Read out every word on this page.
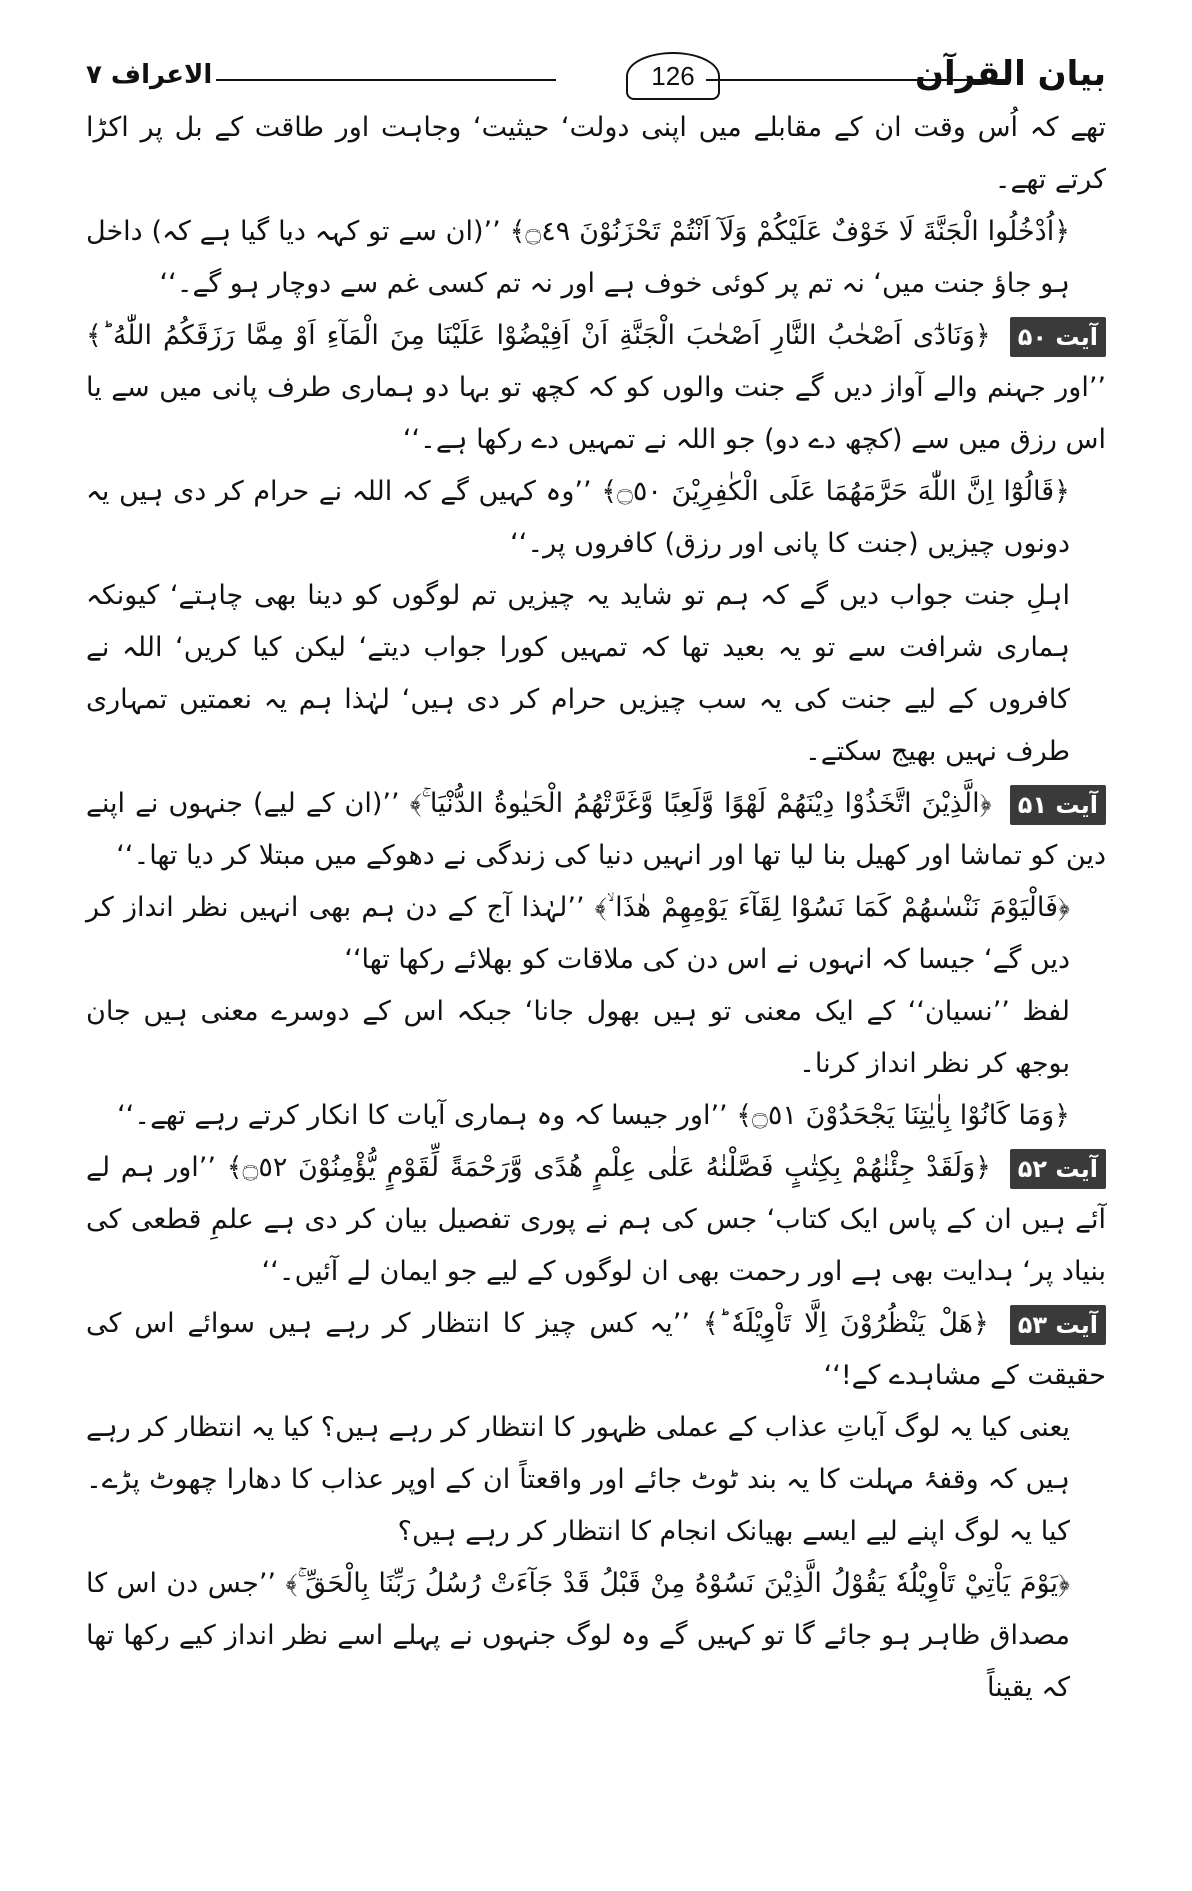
الاعراف ۷	126	بیان القرآن

تھے کہ اُس وقت ان کے مقابلے میں اپنی دولت‘ حیثیت‘ وجاہت اور طاقت کے بل پر اکڑا کرتے تھے۔

﴿اُدْخُلُوا الْجَنَّةَ لَا خَوْفٌ عَلَيْكُمْ وَلَآ اَنْتُمْ تَحْزَنُوْنَ ۝٤٩﴾ ’’(ان سے تو کہہ دیا گیا ہے کہ) داخل ہو جاؤ جنت میں‘ نہ تم پر کوئی خوف ہے اور نہ تم کسی غم سے دوچار ہو گے۔‘‘

آیت ۵۰ ﴿وَنَادٰٓى اَصْحٰبُ النَّارِ اَصْحٰبَ الْجَنَّةِ اَنْ اَفِيْضُوْا عَلَيْنَا مِنَ الْمَآءِ اَوْ مِمَّا رَزَقَكُمُ اللّٰهُ ؕ﴾ ’’اور جہنم والے آواز دیں گے جنت والوں کو کہ کچھ تو بہا دو ہماری طرف پانی میں سے یا اس رزق میں سے (کچھ دے دو) جو اللہ نے تمہیں دے رکھا ہے۔‘‘

﴿قَالُوْٓا اِنَّ اللّٰهَ حَرَّمَهُمَا عَلَى الْكٰفِرِيْنَ ۝٥٠﴾ ’’وہ کہیں گے کہ اللہ نے حرام کر دی ہیں یہ دونوں چیزیں (جنت کا پانی اور رزق) کافروں پر۔‘‘

اہلِ جنت جواب دیں گے کہ ہم تو شاید یہ چیزیں تم لوگوں کو دینا بھی چاہتے‘ کیونکہ ہماری شرافت سے تو یہ بعید تھا کہ تمہیں کورا جواب دیتے‘ لیکن کیا کریں‘ اللہ نے کافروں کے لیے جنت کی یہ سب چیزیں حرام کر دی ہیں‘ لہٰذا ہم یہ نعمتیں تمہاری طرف نہیں بھیج سکتے۔

آیت ۵۱ ﴿الَّذِيْنَ اتَّخَذُوْا دِيْنَهُمْ لَهْوًا وَّلَعِبًا وَّغَرَّتْهُمُ الْحَيٰوةُ الدُّنْيَا ۚ﴾ ’’(ان کے لیے) جنہوں نے اپنے دین کو تماشا اور کھیل بنا لیا تھا اور انہیں دنیا کی زندگی نے دھوکے میں مبتلا کر دیا تھا۔‘‘

﴿فَالْيَوْمَ نَنْسٰىهُمْ كَمَا نَسُوْا لِقَآءَ يَوْمِهِمْ هٰذَا ۙ﴾ ’’لہٰذا آج کے دن ہم بھی انہیں نظر انداز کر دیں گے‘ جیسا کہ انہوں نے اس دن کی ملاقات کو بھلائے رکھا تھا‘‘

لفظ ’’نسیان‘‘ کے ایک معنی تو ہیں بھول جانا‘ جبکہ اس کے دوسرے معنی ہیں جان بوجھ کر نظر انداز کرنا۔

﴿وَمَا كَانُوْا بِاٰيٰتِنَا يَجْحَدُوْنَ ۝٥١﴾ ’’اور جیسا کہ وہ ہماری آیات کا انکار کرتے رہے تھے۔‘‘

آیت ۵۲ ﴿وَلَقَدْ جِئْنٰهُمْ بِكِتٰبٍ فَصَّلْنٰهُ عَلٰى عِلْمٍ هُدًى وَّرَحْمَةً لِّقَوْمٍ يُّؤْمِنُوْنَ ۝٥٢﴾ ’’اور ہم لے آئے ہیں ان کے پاس ایک کتاب‘ جس کی ہم نے پوری تفصیل بیان کر دی ہے علمِ قطعی کی بنیاد پر‘ ہدایت بھی ہے اور رحمت بھی ان لوگوں کے لیے جو ایمان لے آئیں۔‘‘

آیت ۵۳ ﴿هَلْ يَنْظُرُوْنَ اِلَّا تَاْوِيْلَهٗ ؕ﴾ ’’یہ کس چیز کا انتظار کر رہے ہیں سوائے اس کی حقیقت کے مشاہدے کے!‘‘

یعنی کیا یہ لوگ آیاتِ عذاب کے عملی ظہور کا انتظار کر رہے ہیں؟ کیا یہ انتظار کر رہے ہیں کہ وقفۂ مہلت کا یہ بند ٹوٹ جائے اور واقعتاً ان کے اوپر عذاب کا دھارا چھوٹ پڑے۔ کیا یہ لوگ اپنے لیے ایسے بھیانک انجام کا انتظار کر رہے ہیں؟

﴿يَوْمَ يَاْتِيْ تَاْوِيْلُهٗ يَقُوْلُ الَّذِيْنَ نَسُوْهُ مِنْ قَبْلُ قَدْ جَآءَتْ رُسُلُ رَبِّنَا بِالْحَقِّ ۚ﴾ ’’جس دن اس کا مصداق ظاہر ہو جائے گا تو کہیں گے وہ لوگ جنہوں نے پہلے اسے نظر انداز کیے رکھا تھا کہ یقیناً
